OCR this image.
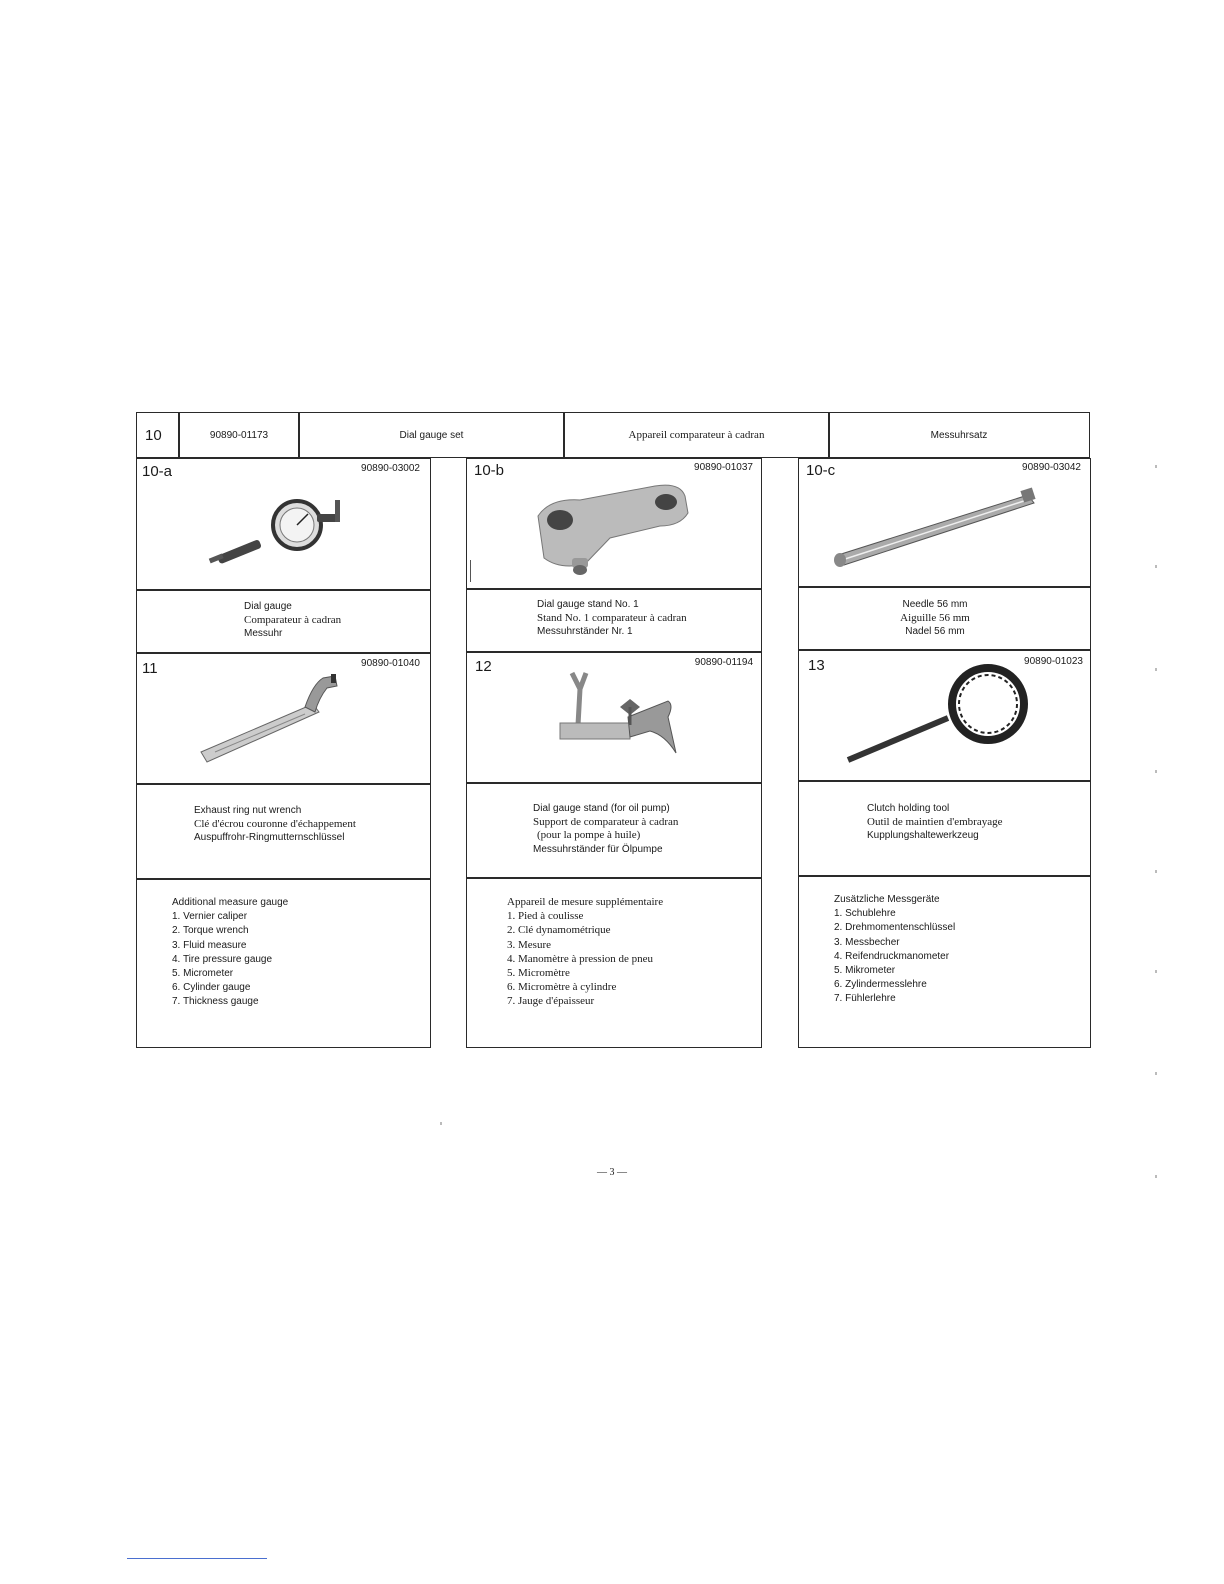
10	90890-01173	Dial gauge set	Appareil comparateur à cadran	Messuhrsatz
10-a	90890-03002
Dial gauge
Comparateur à cadran
Messuhr
10-b	90890-01037
Dial gauge stand No. 1
Stand No. 1 comparateur à cadran
Messuhrständer Nr. 1
10-c	90890-03042
Needle 56 mm
Aiguille 56 mm
Nadel 56 mm
11	90890-01040
Exhaust ring nut wrench
Clé d'écrou couronne d'échappement
Auspuffrohr-Ringmutternschlüssel
12	90890-01194
Dial gauge stand (for oil pump)
Support de comparateur à cadran
(pour la pompe à huile)
Messuhrständer für Ölpumpe
13	90890-01023
Clutch holding tool
Outil de maintien d'embrayage
Kupplungshaltewerkzeug
Additional measure gauge
1. Vernier caliper
2. Torque wrench
3. Fluid measure
4. Tire pressure gauge
5. Micrometer
6. Cylinder gauge
7. Thickness gauge
Appareil de mesure supplémentaire
1. Pied à coulisse
2. Clé dynamométrique
3. Mesure
4. Manomètre à pression de pneu
5. Micromètre
6. Micromètre à cylindre
7. Jauge d'épaisseur
Zusätzliche Messgeräte
1. Schublehre
2. Drehmomentenschlüssel
3. Messbecher
4. Reifendruckmanometer
5. Mikrometer
6. Zylindermesslehre
7. Fühlerlehre
— 3 —
